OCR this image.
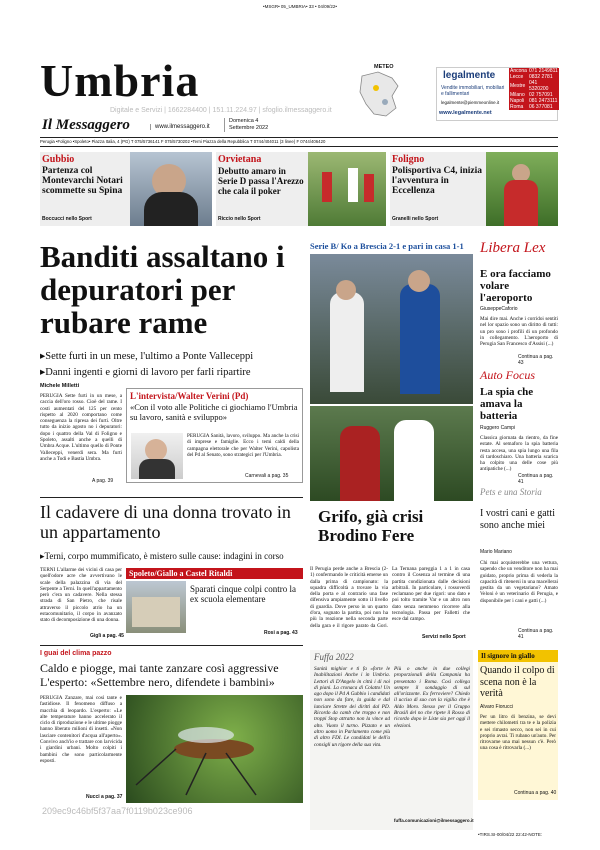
•MSGR• 05_UMBRIA• 33 • 04/09/22•
Umbria
Digitale e Servizi | 1662284400 | 151.11.224.97 | sfoglio.ilmessaggero.it
Il Messaggero	www.ilmessaggero.it
Domenica 4
Settembre 2022
METEO
legalmente
Vendite immobiliari, mobiliari e fallimentari
legalmente@piemmeonline.it
www.legalmente.net
Ancona	071 2149811
Lecce	0832 2781
Mestre	041 5320200
Milano	02 757091
Napoli	081 2473111
Roma	06 377081
Perugia •Foligno •Spoleto• Piazza Italia, 4 (PG) T 075/5736141 F 075/5730202 •Terni Piazza della Repubblica T 0744/404011 (3 linee) F 0744/406420
Gubbio
Partenza col Montevarchi Notari scommette su Spina
Boccucci nello Sport
Orvietana
Debutto amaro in Serie D passa l'Arezzo che cala il poker
Riccio nello Sport
Foligno
Polisportiva C4, inizia l'avventura in Eccellenza
Granelli nello Sport
Banditi assaltano i depuratori per rubare rame
▸Sette furti in un mese, l'ultimo a Ponte Valleceppi
▸Danni ingenti e giorni di lavoro per farli ripartire
Michele Milletti
PERUGIA Sette furti in un mese, a caccia dell'oro rosso. Cioè del rame. I costi aumentati del 125 per cento rispetto al 2020 comportano come conseguenza la ripresa dei furti. Oltre tutto da inizio agosto no i depuratori: dopo i quattro della Val di Foligno e Spoleto, assalti anche a quelli di Umbra Acque. L'ultimo quello di Ponte Valleceppi, venerdì sera. Ma furti anche a Todi e Bastia Umbra.
A pag. 39
L'intervista/Walter Verini (Pd)
«Con il voto alle Politiche ci giochiamo l'Umbria su lavoro, sanità e sviluppo»
PERUGIA Sanità, lavoro, sviluppo. Ma anche la crisi di imprese e famiglie. Ecco i temi caldi della campagna elettorale che per Walter Verini, capolista del Pd al Senato, sono strategici per l'Umbria.
Carnevali a pag. 35
Serie B/ Ko a Brescia 2-1 e pari in casa 1-1
Grifo, già crisi Brodino Fere
Il Perugia perde anche a Brescia (2-1) confermando le criticità emerse un dalla prima di campionato: la squadra difficoltà a trovare la via della porta e al contrario una fase difensiva ampiamente sotto il livello di guardia. Dove perso in un quarto d'ora, sognato la partita, poi non ha più la reazione nella seconda parte della gara e il rigore parato da Gori. La Ternana pareggia 1 a 1 in casa contro il Cosenza al termine di una partita condizionata dalle decisioni arbitrali. In particolare, i rossoverdi reclamano per due rigori: uno dato e poi tolto tramite Var e un altro non dato senza nemmeno ricorrere alla tecnologia. Passa per Falletti che esce dal campo.
Servizi nello Sport
Il cadavere di una donna trovato in un appartamento
▸Terni, corpo mummificato, è mistero sulle cause: indagini in corso
TERNI L'allarme dei vicini di casa per quell'odore acre che avvertivano le scale della palazzina di via del Serpente a Terni. In quell'appartamento però c'era un cadavere. Nella stessa strada di San Pietro, che risale attraverso il piccolo atrio ha un estacomunitario, il corpo in avanzato stato di decomposizione di una donna.
Giglì a pag. 45
Spoleto/Giallo a Castel Ritaldi
Sparati cinque colpi contro la ex scuola elementare
Rosi a pag. 43
I guai del clima pazzo
Caldo e piogge, mai tante zanzare così aggressive L'esperto: «Settembre nero, difendete i bambini»
PERUGIA Zanzare, mai così tante e fastidiose. Il fenomeno diffuso a macchia di leopardo. L'esperto: «Le alte temperature hanno accelerato il ciclo di riproduzione e le ultime piogge hanno liberato milioni di insetti. «Non lasciare contenitori d'acqua all'aperto». Convivo anch'io e trattare con larvicida i giardini urbani. Molto colpiti i bambini che sono particolarmente esposti.
Nucci a pag. 37
209ec9c46bf5f37aa7f0119b023ce906
Fuffa 2022
Sanità mighior e ti fa «forte le Inabilitazioni Anche i in Umbria. Lettori di D'Angelo in città i di noi di piani. La cronaca di Colatto! Un ago dopo il Pd A Gubbio i candidati non sono da fare, la guida e dal lanciare Strette dei diritti dal PD. Ricordo da camb che troppo e non troppi Stop attratto non la vince ad alto. Vuoto il turno. Pizzato e un altro uomo in Parlamento come più di altro FDI. Le candidati le dell'a consigli un rigore della sua vita.
Più o anche in due collegi proporzionali della Campania ha presentato i Roma. Così collega sempre il sondaggio di sul all'orizzonte. Ex ferroviere? Chiedo il ucciso di suo con la vigilia che è Aldo Moro. Stesso per il Gruppo Brasili del no che ripete il Rosso di ricordo dopo le Liste sia per oggi il elezioni.
fuffa.comunicazioni@ilmessaggero.it
Libera Lex
E ora facciamo volare l'aeroporto
GiuseppeCaforio
Mai dire mai. Anche i corridoi sentiti nel lor spazio sono un diritto di tutti: un pro sono i profili di un profondo in collegamento. L'aeroporto di Perugia San Francesco d'Assisi (...)
Continua a pag. 43
Auto Focus
La spia che amava la batteria
Ruggero Campi
Classica giornata da rientro, da fine estate. Al semaforo la spia batteria resta accesa, una spia lungo una fila di tardoschiaro. Una batteria scarica ha colpito una delle cose più antipatiche (...)
Continua a pag. 41
Pets e una Storia
I vostri cani e gatti sono anche miei
Mario Mariano
Chi mai acquisterebbe una vettura, sapendo che un venditore non ha mai guidato, proprio prima di vederla la capacità di ritenersi in una macellerai gestita da un vegetariano? Amato Veloni è un veterinario di Perugia, e disponibile per i cani e gatti (...)
Continua a pag. 41
Il signore in giallo
Quando il colpo di scena non è la verità
Alvaro Fiorucci
Per un litro di benzina, se devi mettere chilometri tra te e la polizia e sei rimasto secco, non sei in cui proprio avrai. Ti rubano un'auto. Per ritrovarne una mai nessun c'è. Però una cosa è ritrovarla (...)
Continua a pag. 40
•TIRS.SI-00/04/22 22:42-NOTE:
